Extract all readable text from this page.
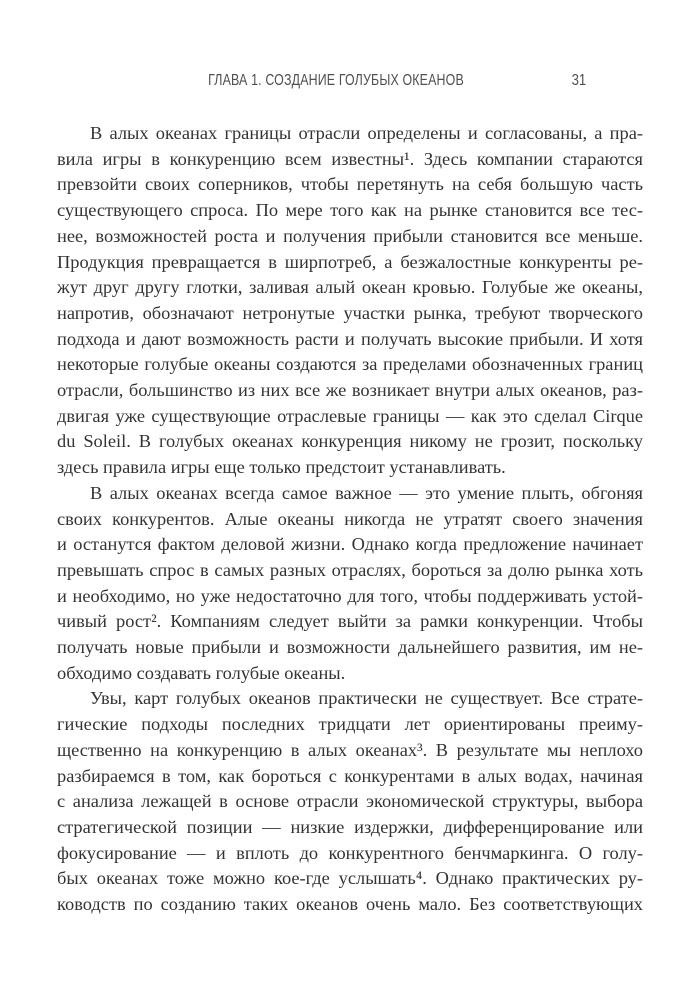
ГЛАВА 1. СОЗДАНИЕ ГОЛУБЫХ ОКЕАНОВ	31
В алых океанах границы отрасли определены и согласованы, а пра-
вила игры в конкуренцию всем известны¹. Здесь компании стараются
превзойти своих соперников, чтобы перетянуть на себя большую часть
существующего спроса. По мере того как на рынке становится все тес-
нее, возможностей роста и получения прибыли становится все меньше.
Продукция превращается в ширпотреб, а безжалостные конкуренты ре-
жут друг другу глотки, заливая алый океан кровью. Голубые же океаны,
напротив, обозначают нетронутые участки рынка, требуют творческого
подхода и дают возможность расти и получать высокие прибыли. И хотя
некоторые голубые океаны создаются за пределами обозначенных границ
отрасли, большинство из них все же возникает внутри алых океанов, раз-
двигая уже существующие отраслевые границы — как это сделал Cirque
du Soleil. В голубых океанах конкуренция никому не грозит, поскольку
здесь правила игры еще только предстоит устанавливать.
В алых океанах всегда самое важное — это умение плыть, обгоняя
своих конкурентов. Алые океаны никогда не утратят своего значения
и останутся фактом деловой жизни. Однако когда предложение начинает
превышать спрос в самых разных отраслях, бороться за долю рынка хоть
и необходимо, но уже недостаточно для того, чтобы поддерживать устой-
чивый рост². Компаниям следует выйти за рамки конкуренции. Чтобы
получать новые прибыли и возможности дальнейшего развития, им не-
обходимо создавать голубые океаны.
Увы, карт голубых океанов практически не существует. Все страте-
гические подходы последних тридцати лет ориентированы преиму-
щественно на конкуренцию в алых океанах³. В результате мы неплохо
разбираемся в том, как бороться с конкурентами в алых водах, начиная
с анализа лежащей в основе отрасли экономической структуры, выбора
стратегической позиции — низкие издержки, дифференцирование или
фокусирование — и вплоть до конкурентного бенчмаркинга. О голу-
бых океанах тоже можно кое-где услышать⁴. Однако практических ру-
ководств по созданию таких океанов очень мало. Без соответствующих
